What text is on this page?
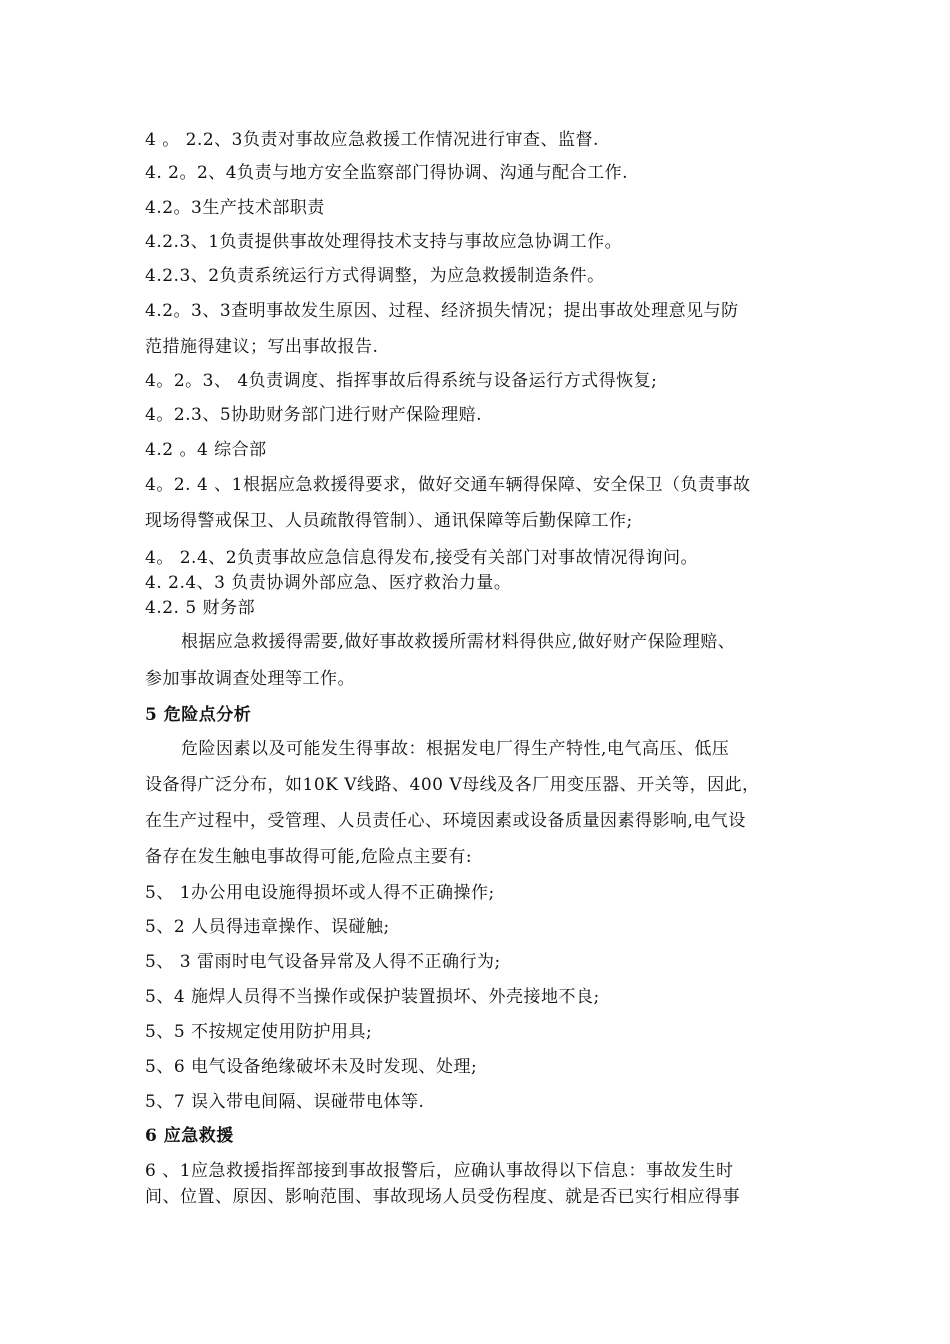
4 。 2.2、3负责对事故应急救援工作情况进行审查、监督.
4. 2。2、4负责与地方安全监察部门得协调、沟通与配合工作.
4.2。3生产技术部职责
4.2.3、1负责提供事故处理得技术支持与事故应急协调工作。
4.2.3、2负责系统运行方式得调整，为应急救援制造条件。
4.2。3、3查明事故发生原因、过程、经济损失情况；提出事故处理意见与防
范措施得建议；写出事故报告.
4。2。3、 4负责调度、指挥事故后得系统与设备运行方式得恢复;
4。2.3、5协助财务部门进行财产保险理赔.
4.2 。4 综合部
4。2. 4 、1根据应急救援得要求，做好交通车辆得保障、安全保卫（负责事故
现场得警戒保卫、人员疏散得管制）、通讯保障等后勤保障工作;
4。 2.4、2负责事故应急信息得发布,接受有关部门对事故情况得询问。
4. 2.4、3 负责协调外部应急、医疗救治力量。
4.2. 5 财务部
根据应急救援得需要,做好事故救援所需材料得供应,做好财产保险理赔、
参加事故调查处理等工作。
5 危险点分析
危险因素以及可能发生得事故：根据发电厂得生产特性,电气高压、低压
设备得广泛分布，如10K V线路、400 V母线及各厂用变压器、开关等，因此，
在生产过程中，受管理、人员责任心、环境因素或设备质量因素得影响,电气设
备存在发生触电事故得可能,危险点主要有:
5、 1办公用电设施得损坏或人得不正确操作;
5、2 人员得违章操作、误碰触;
5、 3 雷雨时电气设备异常及人得不正确行为;
5、4 施焊人员得不当操作或保护装置损坏、外壳接地不良;
5、5 不按规定使用防护用具;
5、6 电气设备绝缘破坏未及时发现、处理;
5、7 误入带电间隔、误碰带电体等.
6 应急救援
6 、1应急救援指挥部接到事故报警后，应确认事故得以下信息：事故发生时
间、位置、原因、影响范围、事故现场人员受伤程度、就是否已实行相应得事
